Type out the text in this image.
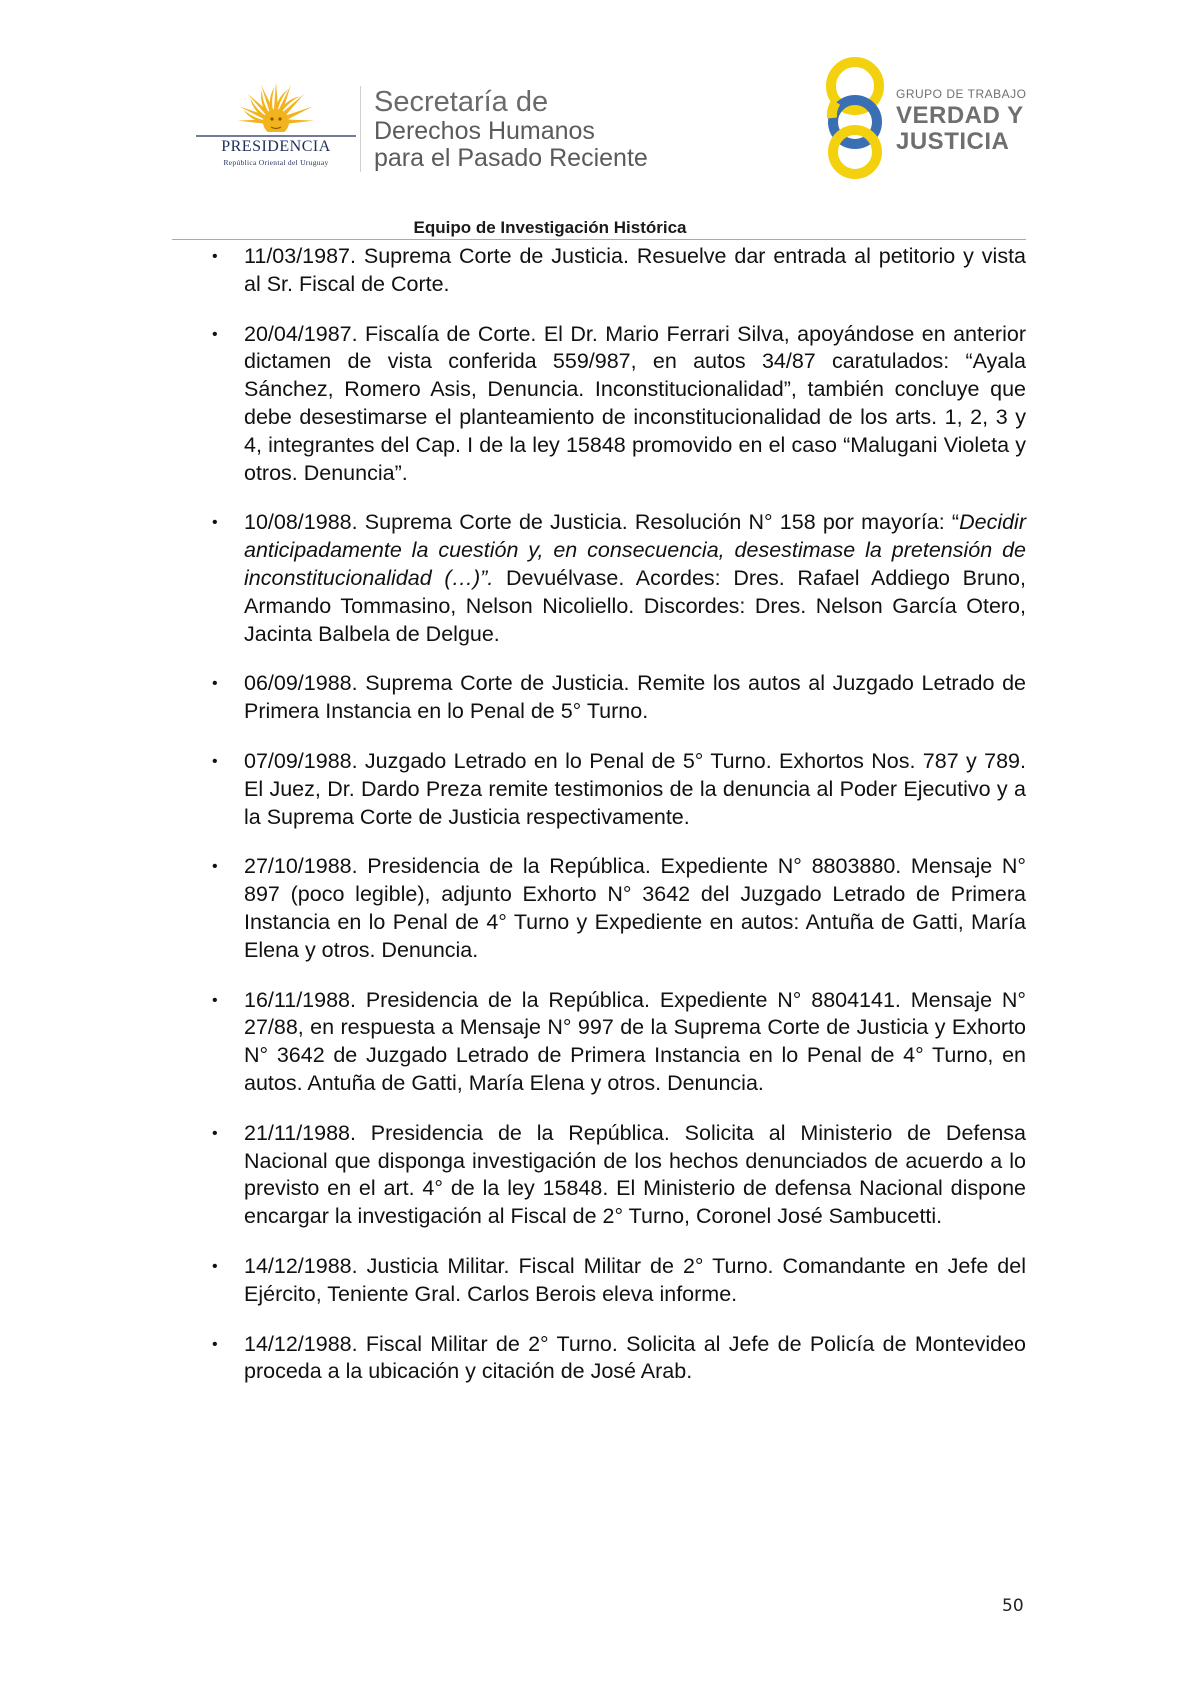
PRESIDENCIA
República Oriental del Uruguay
Secretaría de
Derechos Humanos
para el Pasado Reciente
GRUPO DE TRABAJO
VERDAD Y
JUSTICIA
Equipo de Investigación Histórica
• 11/03/1987. Suprema Corte de Justicia. Resuelve dar entrada al petitorio y vista al Sr. Fiscal de Corte.
• 20/04/1987. Fiscalía de Corte. El Dr. Mario Ferrari Silva, apoyándose en anterior dictamen de vista conferida 559/987, en autos 34/87 caratulados: “Ayala Sánchez, Romero Asis, Denuncia. Inconstitucionalidad”, también concluye que debe desestimarse el planteamiento de inconstitucionalidad de los arts. 1, 2, 3 y 4, integrantes del Cap. I de la ley 15848 promovido en el caso “Malugani Violeta y otros. Denuncia”.
• 10/08/1988. Suprema Corte de Justicia. Resolución N° 158 por mayoría: “Decidir anticipadamente la cuestión y, en consecuencia, desestimase la pretensión de inconstitucionalidad (…)”. Devuélvase. Acordes: Dres. Rafael Addiego Bruno, Armando Tommasino, Nelson Nicoliello. Discordes: Dres. Nelson García Otero, Jacinta Balbela de Delgue.
• 06/09/1988. Suprema Corte de Justicia. Remite los autos al Juzgado Letrado de Primera Instancia en lo Penal de 5° Turno.
• 07/09/1988. Juzgado Letrado en lo Penal de 5° Turno. Exhortos Nos. 787 y 789. El Juez, Dr. Dardo Preza remite testimonios de la denuncia al Poder Ejecutivo y a la Suprema Corte de Justicia respectivamente.
• 27/10/1988. Presidencia de la República. Expediente N° 8803880. Mensaje N° 897 (poco legible), adjunto Exhorto N° 3642 del Juzgado Letrado de Primera Instancia en lo Penal de 4° Turno y Expediente en autos: Antuña de Gatti, María Elena y otros. Denuncia.
• 16/11/1988. Presidencia de la República. Expediente N° 8804141. Mensaje N° 27/88, en respuesta a Mensaje N° 997 de la Suprema Corte de Justicia y Exhorto N° 3642 de Juzgado Letrado de Primera Instancia en lo Penal de 4° Turno, en autos. Antuña de Gatti, María Elena y otros. Denuncia.
• 21/11/1988. Presidencia de la República. Solicita al Ministerio de Defensa Nacional que disponga investigación de los hechos denunciados de acuerdo a lo previsto en el art. 4° de la ley 15848. El Ministerio de defensa Nacional dispone encargar la investigación al Fiscal de 2° Turno, Coronel José Sambucetti.
• 14/12/1988. Justicia Militar. Fiscal Militar de 2° Turno. Comandante en Jefe del Ejército, Teniente Gral. Carlos Berois eleva informe.
• 14/12/1988. Fiscal Militar de 2° Turno. Solicita al Jefe de Policía de Montevideo proceda a la ubicación y citación de José Arab.
50
